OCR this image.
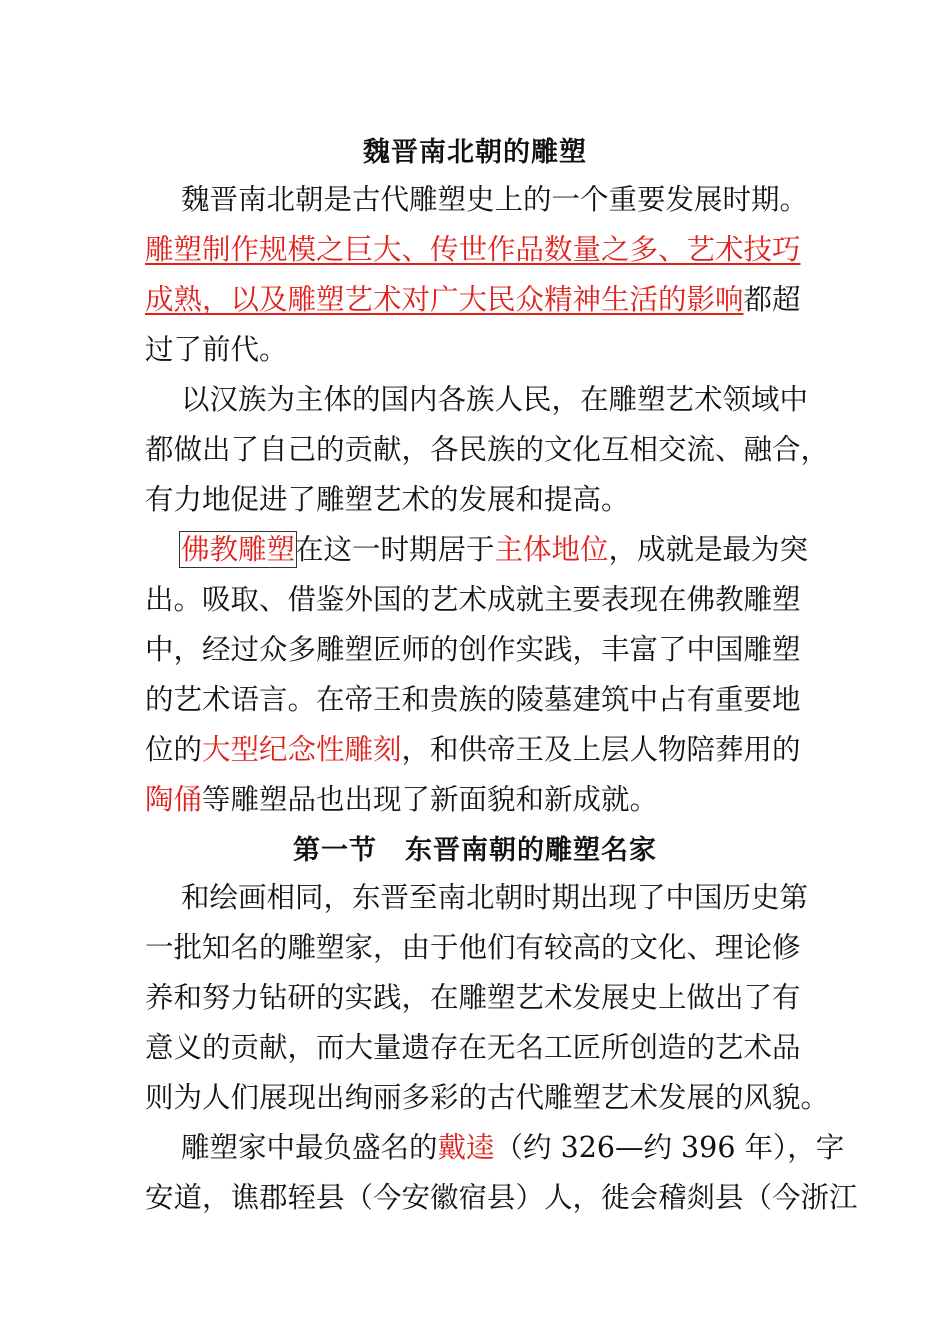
魏晋南北朝的雕塑
魏晋南北朝是古代雕塑史上的一个重要发展时期。
雕塑制作规模之巨大、传世作品数量之多、艺术技巧
成熟，以及雕塑艺术对广大民众精神生活的影响都超
过了前代。
以汉族为主体的国内各族人民，在雕塑艺术领域中
都做出了自己的贡献，各民族的文化互相交流、融合，
有力地促进了雕塑艺术的发展和提高。
佛教雕塑在这一时期居于主体地位，成就是最为突
出。吸取、借鉴外国的艺术成就主要表现在佛教雕塑
中，经过众多雕塑匠师的创作实践，丰富了中国雕塑
的艺术语言。在帝王和贵族的陵墓建筑中占有重要地
位的大型纪念性雕刻，和供帝王及上层人物陪葬用的
陶俑等雕塑品也出现了新面貌和新成就。
第一节　东晋南朝的雕塑名家
和绘画相同，东晋至南北朝时期出现了中国历史第
一批知名的雕塑家，由于他们有较高的文化、理论修
养和努力钻研的实践，在雕塑艺术发展史上做出了有
意义的贡献，而大量遗存在无名工匠所创造的艺术品
则为人们展现出绚丽多彩的古代雕塑艺术发展的风貌。
雕塑家中最负盛名的戴逵（约 326—约 396 年），字
安道，谯郡轾县（今安徽宿县）人，徙会稽剡县（今浙江
